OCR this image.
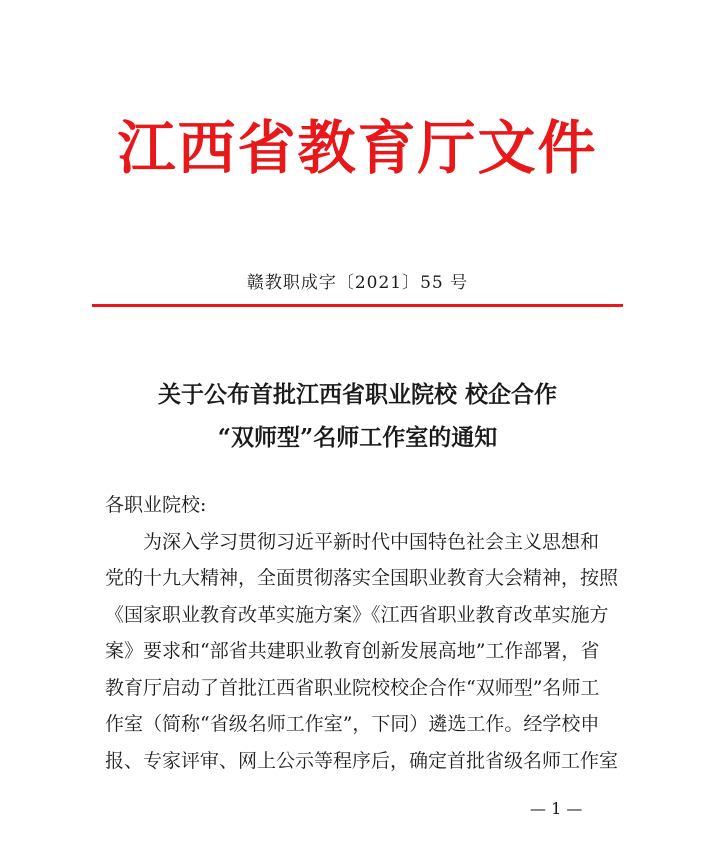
江西省教育厅文件
赣教职成字〔2021〕55 号
关于公布首批江西省职业院校 校企合作
“双师型”名师工作室的通知

各职业院校:

为深入学习贯彻习近平新时代中国特色社会主义思想和

党的十九大精神，全面贯彻落实全国职业教育大会精神，按照

《国家职业教育改革实施方案》《江西省职业教育改革实施方

案》要求和“部省共建职业教育创新发展高地”工作部署，省

教育厅启动了首批江西省职业院校校企合作“双师型”名师工

作室（简称“省级名师工作室”，下同）遴选工作。经学校申

报、专家评审、网上公示等程序后，确定首批省级名师工作室

— 1 —
